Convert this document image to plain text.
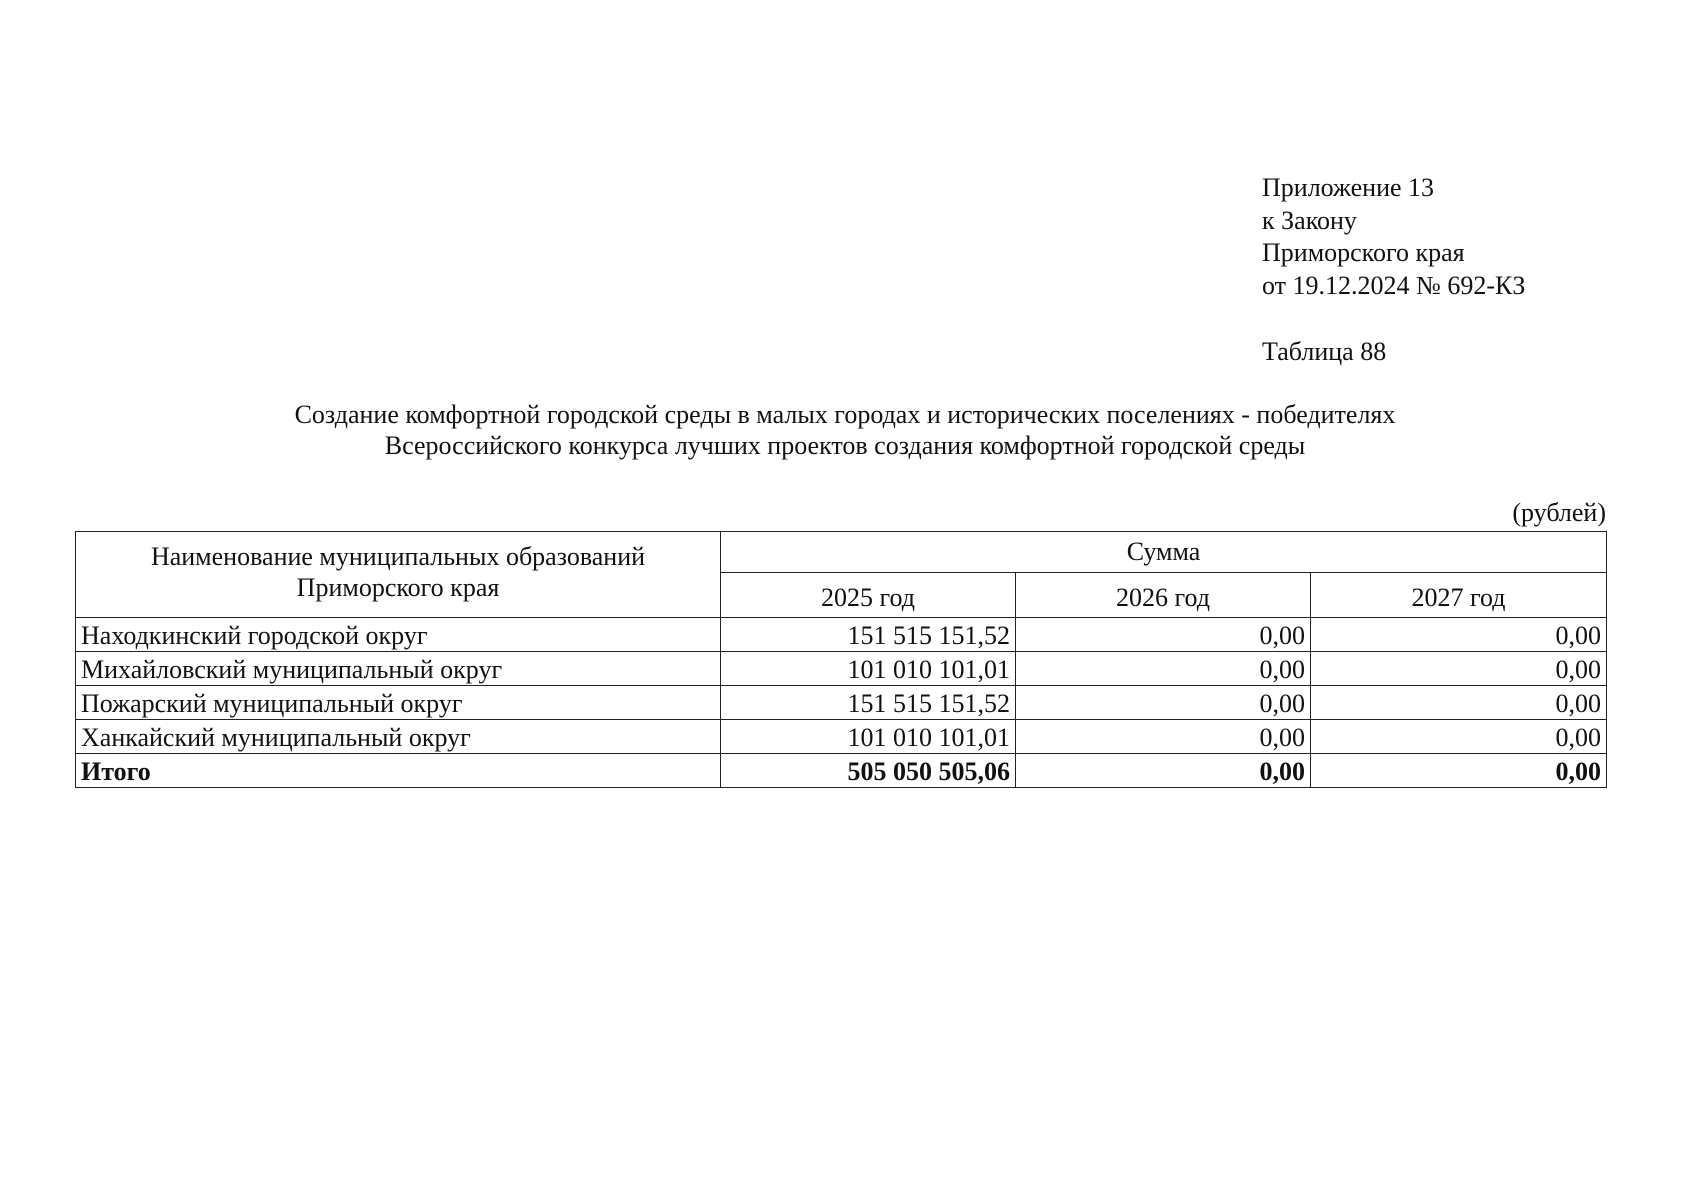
Приложение 13
к Закону
Приморского края
от 19.12.2024 № 692-КЗ
Таблица 88
Создание комфортной городской среды в малых городах и исторических поселениях - победителях
Всероссийского конкурса лучших проектов создания комфортной городской среды
(рублей)
Наименование муниципальных образований
Приморского края	Сумма		
	2025 год	2026 год	2027 год
Находкинский городской округ	151 515 151,52	0,00	0,00
Михайловский муниципальный округ	101 010 101,01	0,00	0,00
Пожарский муниципальный округ	151 515 151,52	0,00	0,00
Ханкайский муниципальный округ	101 010 101,01	0,00	0,00
Итого	505 050 505,06	0,00	0,00
